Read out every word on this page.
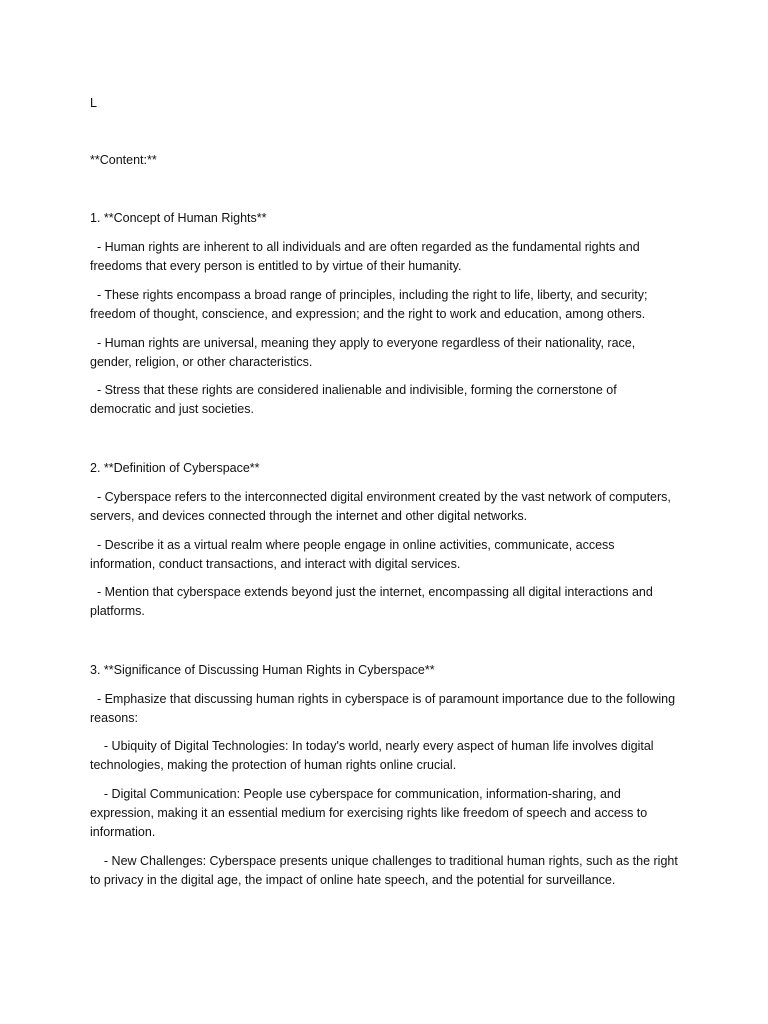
L

**Content:**

1. **Concept of Human Rights**

- Human rights are inherent to all individuals and are often regarded as the fundamental rights and freedoms that every person is entitled to by virtue of their humanity.

- These rights encompass a broad range of principles, including the right to life, liberty, and security; freedom of thought, conscience, and expression; and the right to work and education, among others.

- Human rights are universal, meaning they apply to everyone regardless of their nationality, race, gender, religion, or other characteristics.

- Stress that these rights are considered inalienable and indivisible, forming the cornerstone of democratic and just societies.

2. **Definition of Cyberspace**

- Cyberspace refers to the interconnected digital environment created by the vast network of computers, servers, and devices connected through the internet and other digital networks.

- Describe it as a virtual realm where people engage in online activities, communicate, access information, conduct transactions, and interact with digital services.

- Mention that cyberspace extends beyond just the internet, encompassing all digital interactions and platforms.

3. **Significance of Discussing Human Rights in Cyberspace**

- Emphasize that discussing human rights in cyberspace is of paramount importance due to the following reasons:

- Ubiquity of Digital Technologies: In today's world, nearly every aspect of human life involves digital technologies, making the protection of human rights online crucial.

- Digital Communication: People use cyberspace for communication, information-sharing, and expression, making it an essential medium for exercising rights like freedom of speech and access to information.

- New Challenges: Cyberspace presents unique challenges to traditional human rights, such as the right to privacy in the digital age, the impact of online hate speech, and the potential for surveillance.
